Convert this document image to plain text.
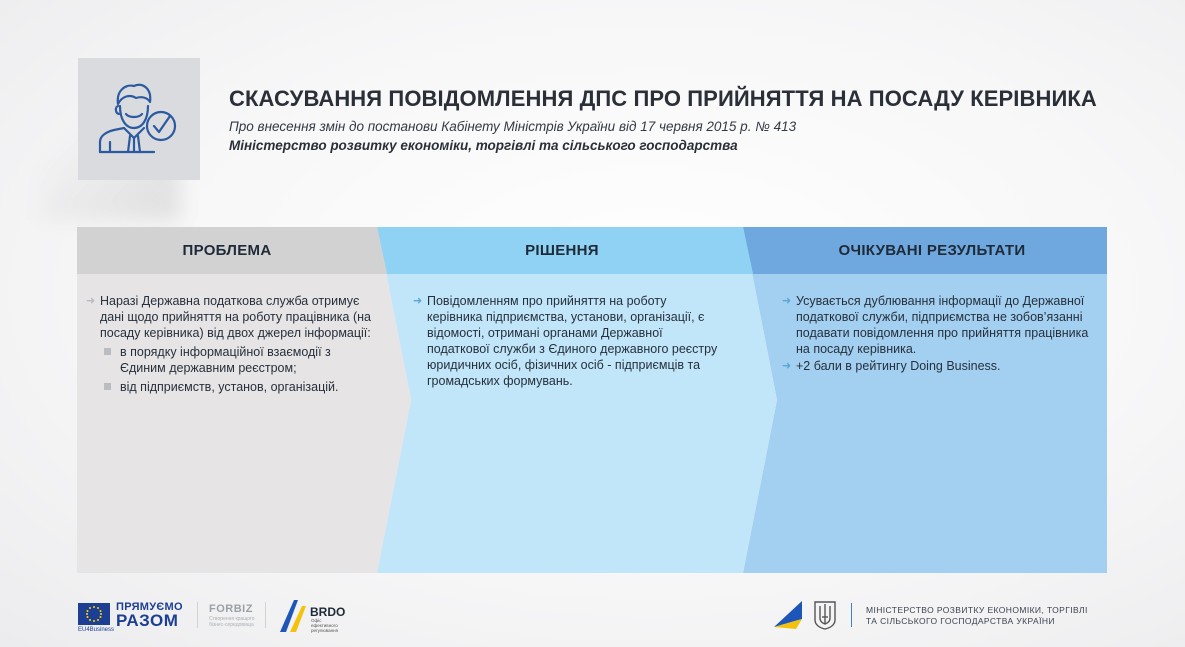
СКАСУВАННЯ ПОВІДОМЛЕННЯ ДПС ПРО ПРИЙНЯТТЯ НА ПОСАДУ КЕРІВНИКА

Про внесення змін до постанови Кабінету Міністрів України від 17 червня 2015 р. № 413

Міністерство розвитку економіки, торгівлі та сільського господарства

ПРОБЛЕМА	РІШЕННЯ	ОЧІКУВАНІ РЕЗУЛЬТАТИ
➜ Наразі Державна податкова служба отримує дані щодо прийняття на роботу працівника (на посаду керівника) від двох джерел інформації:
в порядку інформаційної взаємодії з Єдиним державним реєстром;
від підприємств, установ, організацій.
➜ Повідомленням про прийняття на роботу керівника підприємства, установи, організації, є відомості, отримані органами Державної податкової служби з Єдиного державного реєстру юридичних осіб, фізичних осіб - підприємців та громадських формувань.
➜ Усувається дублювання інформації до Державної податкової служби, підприємства не зобов’язанні подавати повідомлення про прийняття працівника на посаду керівника.
➜ +2 бали в рейтингу Doing Business.
EU4Business
ПРЯМУЄМО
РАЗОМ
FORBIZ
Створення кращого бізнес-середовища
BRDO
Офіс ефективного регулювання
МІНІСТЕРСТВО РОЗВИТКУ ЕКОНОМІКИ, ТОРГІВЛІ
ТА СІЛЬСЬКОГО ГОСПОДАРСТВА УКРАЇНИ
